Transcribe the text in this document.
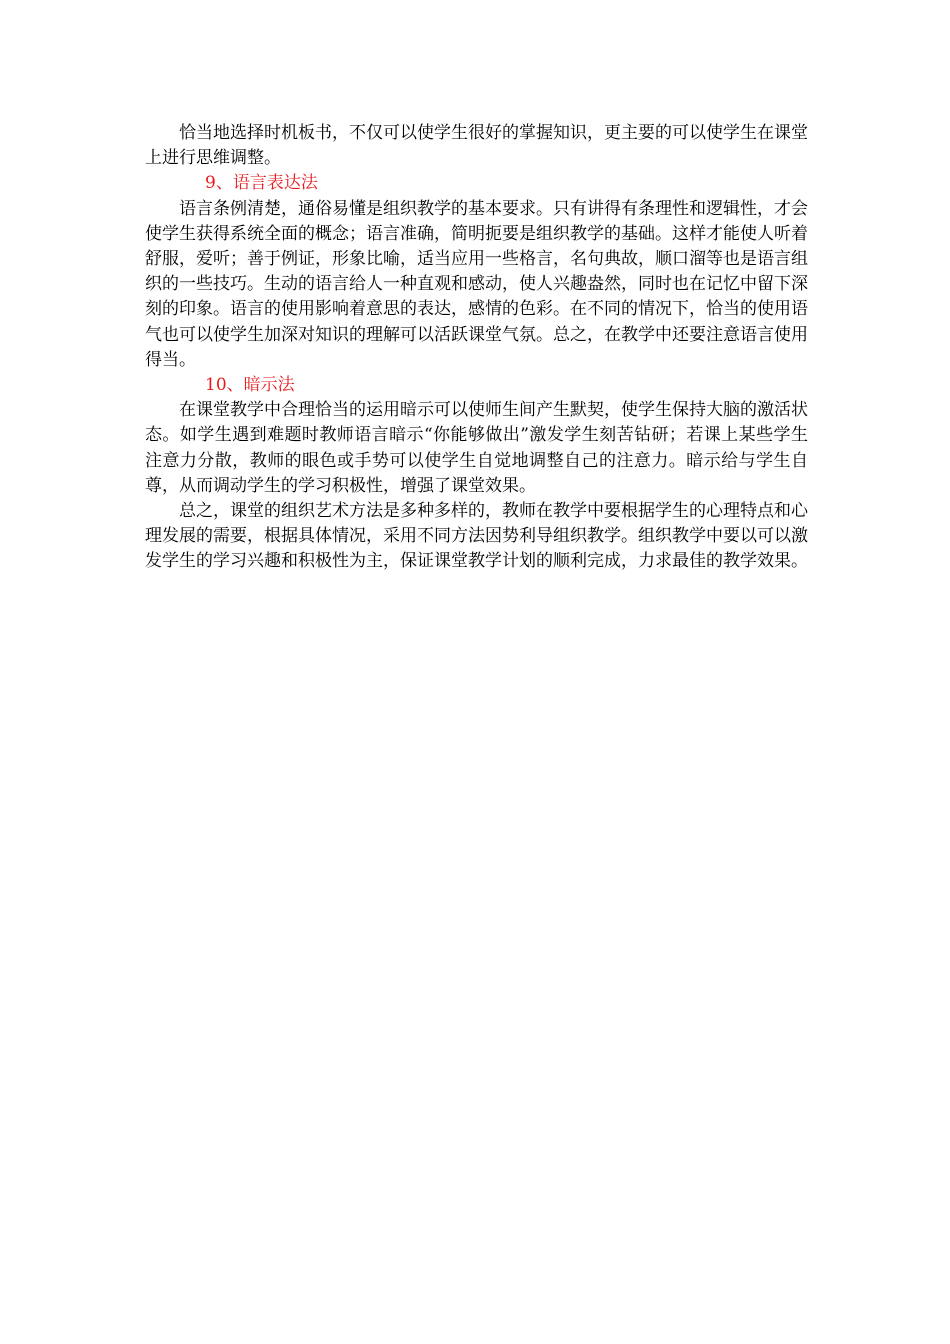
恰当地选择时机板书，不仅可以使学生很好的掌握知识，更主要的可以使学生在课堂上进行思维调整。

9、语言表达法

语言条例清楚，通俗易懂是组织教学的基本要求。只有讲得有条理性和逻辑性，才会使学生获得系统全面的概念；语言准确，简明扼要是组织教学的基础。这样才能使人听着舒服，爱听；善于例证，形象比喻，适当应用一些格言，名句典故，顺口溜等也是语言组织的一些技巧。生动的语言给人一种直观和感动，使人兴趣盎然，同时也在记忆中留下深刻的印象。语言的使用影响着意思的表达，感情的色彩。在不同的情况下，恰当的使用语气也可以使学生加深对知识的理解可以活跃课堂气氛。总之，在教学中还要注意语言使用得当。

10、暗示法

在课堂教学中合理恰当的运用暗示可以使师生间产生默契，使学生保持大脑的激活状态。如学生遇到难题时教师语言暗示“你能够做出”激发学生刻苦钻研；若课上某些学生注意力分散，教师的眼色或手势可以使学生自觉地调整自己的注意力。暗示给与学生自尊，从而调动学生的学习积极性，增强了课堂效果。

总之，课堂的组织艺术方法是多种多样的，教师在教学中要根据学生的心理特点和心理发展的需要，根据具体情况，采用不同方法因势利导组织教学。组织教学中要以可以激发学生的学习兴趣和积极性为主，保证课堂教学计划的顺利完成，力求最佳的教学效果。
